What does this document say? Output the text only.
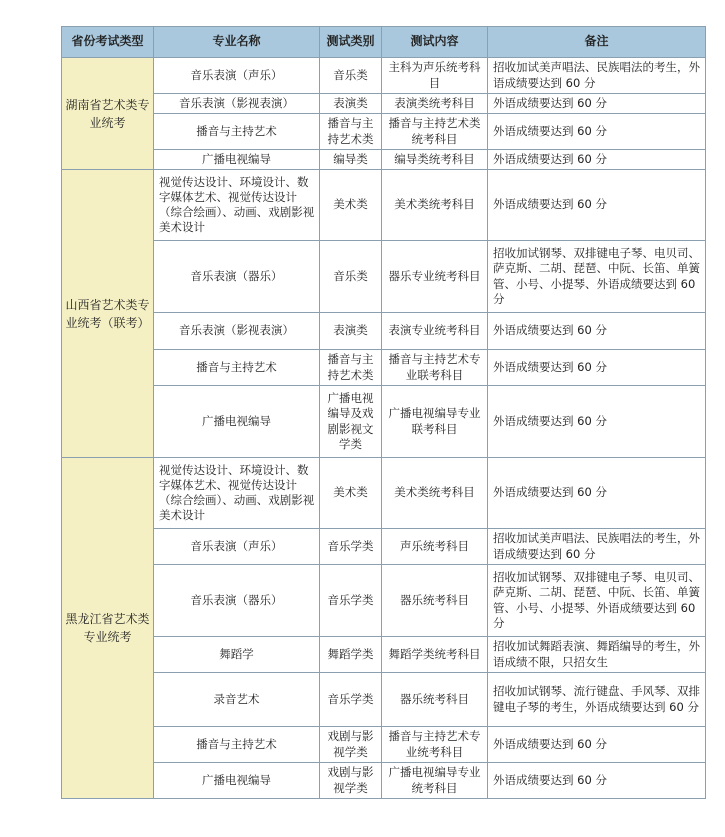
省份考试类型	专业名称	测试类别	测试内容	备注
湖南省艺术类专业统考	音乐表演（声乐）	音乐类	主科为声乐统考科目	招收加试美声唱法、民族唱法的考生，外语成绩要达到 60 分
	音乐表演（影视表演）	表演类	表演类统考科目	外语成绩要达到 60 分
	播音与主持艺术	播音与主持艺术类	播音与主持艺术类统考科目	外语成绩要达到 60 分
	广播电视编导	编导类	编导类统考科目	外语成绩要达到 60 分
山西省艺术类专业统考（联考）	视觉传达设计、环境设计、数字媒体艺术、视觉传达设计（综合绘画）、动画、戏剧影视美术设计	美术类	美术类统考科目	外语成绩要达到 60 分
	音乐表演（器乐）	音乐类	器乐专业统考科目	招收加试钢琴、双排键电子琴、电贝司、萨克斯、二胡、琵琶、中阮、长笛、单簧管、小号、小提琴、外语成绩要达到 60 分
	音乐表演（影视表演）	表演类	表演专业统考科目	外语成绩要达到 60 分
	播音与主持艺术	播音与主持艺术类	播音与主持艺术专业联考科目	外语成绩要达到 60 分
	广播电视编导	广播电视编导及戏剧影视文学类	广播电视编导专业联考科目	外语成绩要达到 60 分
黑龙江省艺术类专业统考	视觉传达设计、环境设计、数字媒体艺术、视觉传达设计（综合绘画）、动画、戏剧影视美术设计	美术类	美术类统考科目	外语成绩要达到 60 分
	音乐表演（声乐）	音乐学类	声乐统考科目	招收加试美声唱法、民族唱法的考生，外语成绩要达到 60 分
	音乐表演（器乐）	音乐学类	器乐统考科目	招收加试钢琴、双排键电子琴、电贝司、萨克斯、二胡、琵琶、中阮、长笛、单簧管、小号、小提琴、外语成绩要达到 60 分
	舞蹈学	舞蹈学类	舞蹈学类统考科目	招收加试舞蹈表演、舞蹈编导的考生，外语成绩不限，只招女生
	录音艺术	音乐学类	器乐统考科目	招收加试钢琴、流行键盘、手风琴、双排键电子琴的考生，外语成绩要达到 60 分
	播音与主持艺术	戏剧与影视学类	播音与主持艺术专业统考科目	外语成绩要达到 60 分
	广播电视编导	戏剧与影视学类	广播电视编导专业统考科目	外语成绩要达到 60 分
